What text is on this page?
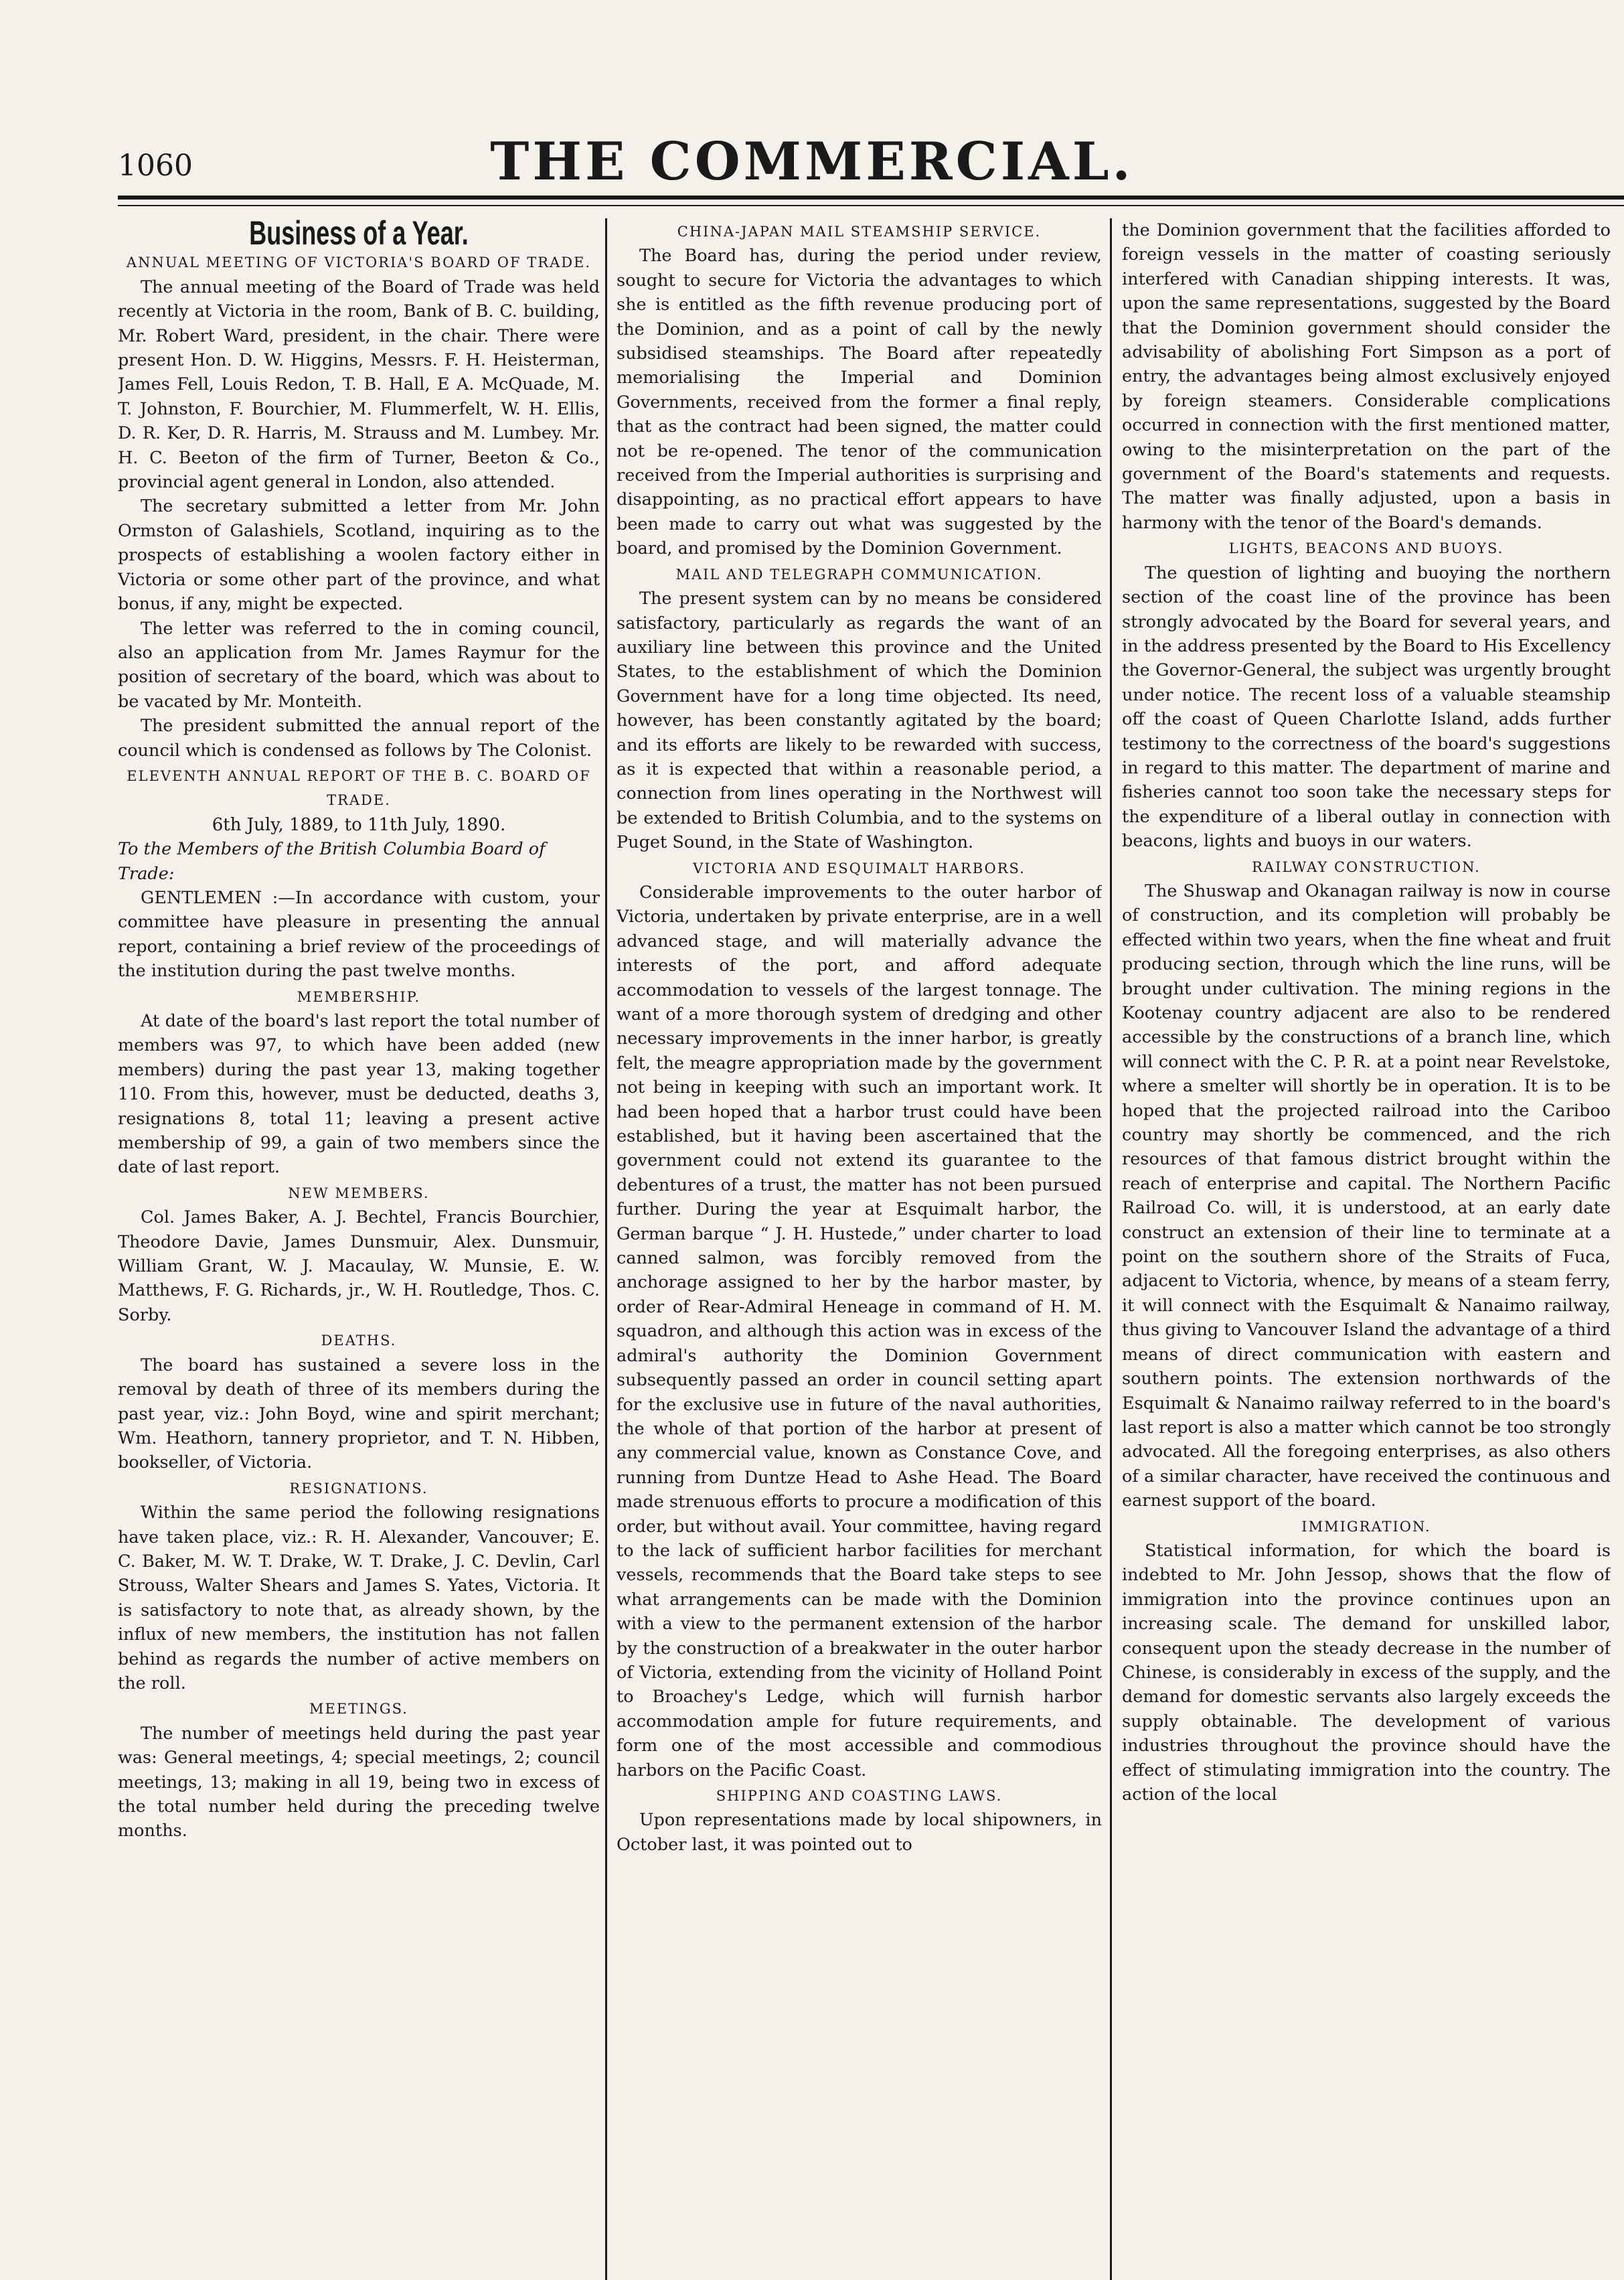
1060	THE COMMERCIAL.
Business of a Year.
ANNUAL MEETING OF VICTORIA'S BOARD OF TRADE.
The annual meeting of the Board of Trade was held recently at Victoria in the room, Bank of B. C. building, Mr. Robert Ward, president, in the chair. There were present Hon. D. W. Higgins, Messrs. F. H. Heisterman, James Fell, Louis Redon, T. B. Hall, E A. McQuade, M. T. Johnston, F. Bourchier, M. Flummerfelt, W. H. Ellis, D. R. Ker, D. R. Harris, M. Strauss and M. Lumbey. Mr. H. C. Beeton of the firm of Turner, Beeton & Co., provincial agent general in London, also attended.
The secretary submitted a letter from Mr. John Ormston of Galashiels, Scotland, inquiring as to the prospects of establishing a woolen factory either in Victoria or some other part of the province, and what bonus, if any, might be expected.
The letter was referred to the in coming council, also an application from Mr. James Raymur for the position of secretary of the board, which was about to be vacated by Mr. Monteith.
The president submitted the annual report of the council which is condensed as follows by The Colonist.
ELEVENTH ANNUAL REPORT OF THE B. C. BOARD OF TRADE.
6th July, 1889, to 11th July, 1890.
To the Members of the British Columbia Board of Trade:
GENTLEMEN :—In accordance with custom, your committee have pleasure in presenting the annual report, containing a brief review of the proceedings of the institution during the past twelve months.
MEMBERSHIP.
At date of the board's last report the total number of members was 97, to which have been added (new members) during the past year 13, making together 110. From this, however, must be deducted, deaths 3, resignations 8, total 11; leaving a present active membership of 99, a gain of two members since the date of last report.
NEW MEMBERS.
Col. James Baker, A. J. Bechtel, Francis Bourchier, Theodore Davie, James Dunsmuir, Alex. Dunsmuir, William Grant, W. J. Macaulay, W. Munsie, E. W. Matthews, F. G. Richards, jr., W. H. Routledge, Thos. C. Sorby.
DEATHS.
The board has sustained a severe loss in the removal by death of three of its members during the past year, viz.: John Boyd, wine and spirit merchant; Wm. Heathorn, tannery proprietor, and T. N. Hibben, bookseller, of Victoria.
RESIGNATIONS.
Within the same period the following resignations have taken place, viz.: R. H. Alexander, Vancouver; E. C. Baker, M. W. T. Drake, W. T. Drake, J. C. Devlin, Carl Strouss, Walter Shears and James S. Yates, Victoria. It is satisfactory to note that, as already shown, by the influx of new members, the institution has not fallen behind as regards the number of active members on the roll.
MEETINGS.
The number of meetings held during the past year was: General meetings, 4; special meetings, 2; council meetings, 13; making in all 19, being two in excess of the total number held during the preceding twelve months.
CHINA-JAPAN MAIL STEAMSHIP SERVICE.
The Board has, during the period under review, sought to secure for Victoria the advantages to which she is entitled as the fifth revenue producing port of the Dominion, and as a point of call by the newly subsidised steamships. The Board after repeatedly memorialising the Imperial and Dominion Governments, received from the former a final reply, that as the contract had been signed, the matter could not be re-opened. The tenor of the communication received from the Imperial authorities is surprising and disappointing, as no practical effort appears to have been made to carry out what was suggested by the board, and promised by the Dominion Government.
MAIL AND TELEGRAPH COMMUNICATION.
The present system can by no means be considered satisfactory, particularly as regards the want of an auxiliary line between this province and the United States, to the establishment of which the Dominion Government have for a long time objected. Its need, however, has been constantly agitated by the board; and its efforts are likely to be rewarded with success, as it is expected that within a reasonable period, a connection from lines operating in the Northwest will be extended to British Columbia, and to the systems on Puget Sound, in the State of Washington.
VICTORIA AND ESQUIMALT HARBORS.
Considerable improvements to the outer harbor of Victoria, undertaken by private enterprise, are in a well advanced stage, and will materially advance the interests of the port, and afford adequate accommodation to vessels of the largest tonnage. The want of a more thorough system of dredging and other necessary improvements in the inner harbor, is greatly felt, the meagre appropriation made by the government not being in keeping with such an important work. It had been hoped that a harbor trust could have been established, but it having been ascertained that the government could not extend its guarantee to the debentures of a trust, the matter has not been pursued further. During the year at Esquimalt harbor, the German barque “ J. H. Hustede,” under charter to load canned salmon, was forcibly removed from the anchorage assigned to her by the harbor master, by order of Rear-Admiral Heneage in command of H. M. squadron, and although this action was in excess of the admiral's authority the Dominion Government subsequently passed an order in council setting apart for the exclusive use in future of the naval authorities, the whole of that portion of the harbor at present of any commercial value, known as Constance Cove, and running from Duntze Head to Ashe Head. The Board made strenuous efforts to procure a modification of this order, but without avail. Your committee, having regard to the lack of sufficient harbor facilities for merchant vessels, recommends that the Board take steps to see what arrangements can be made with the Dominion with a view to the permanent extension of the harbor by the construction of a breakwater in the outer harbor of Victoria, extending from the vicinity of Holland Point to Broachey's Ledge, which will furnish harbor accommodation ample for future requirements, and form one of the most accessible and commodious harbors on the Pacific Coast.
SHIPPING AND COASTING LAWS.
Upon representations made by local shipowners, in October last, it was pointed out to
the Dominion government that the facilities afforded to foreign vessels in the matter of coasting seriously interfered with Canadian shipping interests. It was, upon the same representations, suggested by the Board that the Dominion government should consider the advisability of abolishing Fort Simpson as a port of entry, the advantages being almost exclusively enjoyed by foreign steamers. Considerable complications occurred in connection with the first mentioned matter, owing to the misinterpretation on the part of the government of the Board's statements and requests. The matter was finally adjusted, upon a basis in harmony with the tenor of the Board's demands.
LIGHTS, BEACONS AND BUOYS.
The question of lighting and buoying the northern section of the coast line of the province has been strongly advocated by the Board for several years, and in the address presented by the Board to His Excellency the Governor-General, the subject was urgently brought under notice. The recent loss of a valuable steamship off the coast of Queen Charlotte Island, adds further testimony to the correctness of the board's suggestions in regard to this matter. The department of marine and fisheries cannot too soon take the necessary steps for the expenditure of a liberal outlay in connection with beacons, lights and buoys in our waters.
RAILWAY CONSTRUCTION.
The Shuswap and Okanagan railway is now in course of construction, and its completion will probably be effected within two years, when the fine wheat and fruit producing section, through which the line runs, will be brought under cultivation. The mining regions in the Kootenay country adjacent are also to be rendered accessible by the constructions of a branch line, which will connect with the C. P. R. at a point near Revelstoke, where a smelter will shortly be in operation. It is to be hoped that the projected railroad into the Cariboo country may shortly be commenced, and the rich resources of that famous district brought within the reach of enterprise and capital. The Northern Pacific Railroad Co. will, it is understood, at an early date construct an extension of their line to terminate at a point on the southern shore of the Straits of Fuca, adjacent to Victoria, whence, by means of a steam ferry, it will connect with the Esquimalt & Nanaimo railway, thus giving to Vancouver Island the advantage of a third means of direct communication with eastern and southern points. The extension northwards of the Esquimalt & Nanaimo railway referred to in the board's last report is also a matter which cannot be too strongly advocated. All the foregoing enterprises, as also others of a similar character, have received the continuous and earnest support of the board.
IMMIGRATION.
Statistical information, for which the board is indebted to Mr. John Jessop, shows that the flow of immigration into the province continues upon an increasing scale. The demand for unskilled labor, consequent upon the steady decrease in the number of Chinese, is considerably in excess of the supply, and the demand for domestic servants also largely exceeds the supply obtainable. The development of various industries throughout the province should have the effect of stimulating immigration into the country. The action of the local
